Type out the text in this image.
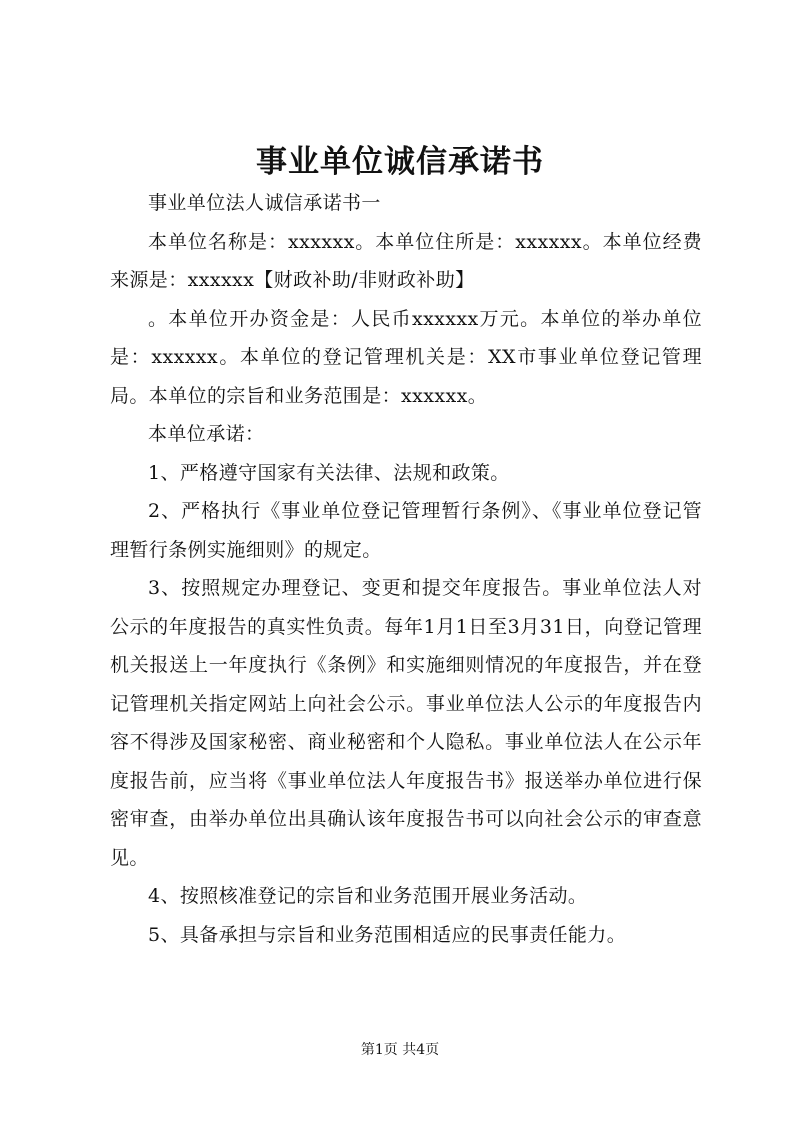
事业单位诚信承诺书

事业单位法人诚信承诺书一

本单位名称是：xxxxxx。本单位住所是：xxxxxx。本单位经费来源是：xxxxxx【财政补助/非财政补助】

。本单位开办资金是：人民币xxxxxx万元。本单位的举办单位是：xxxxxx。本单位的登记管理机关是：XX市事业单位登记管理局。本单位的宗旨和业务范围是：xxxxxx。

本单位承诺：

1、严格遵守国家有关法律、法规和政策。

2、严格执行《事业单位登记管理暂行条例》、《事业单位登记管理暂行条例实施细则》的规定。

3、按照规定办理登记、变更和提交年度报告。事业单位法人对公示的年度报告的真实性负责。每年1月1日至3月31日，向登记管理机关报送上一年度执行《条例》和实施细则情况的年度报告，并在登记管理机关指定网站上向社会公示。事业单位法人公示的年度报告内容不得涉及国家秘密、商业秘密和个人隐私。事业单位法人在公示年度报告前，应当将《事业单位法人年度报告书》报送举办单位进行保密审查，由举办单位出具确认该年度报告书可以向社会公示的审查意见。

4、按照核准登记的宗旨和业务范围开展业务活动。

5、具备承担与宗旨和业务范围相适应的民事责任能力。

第1页 共4页
